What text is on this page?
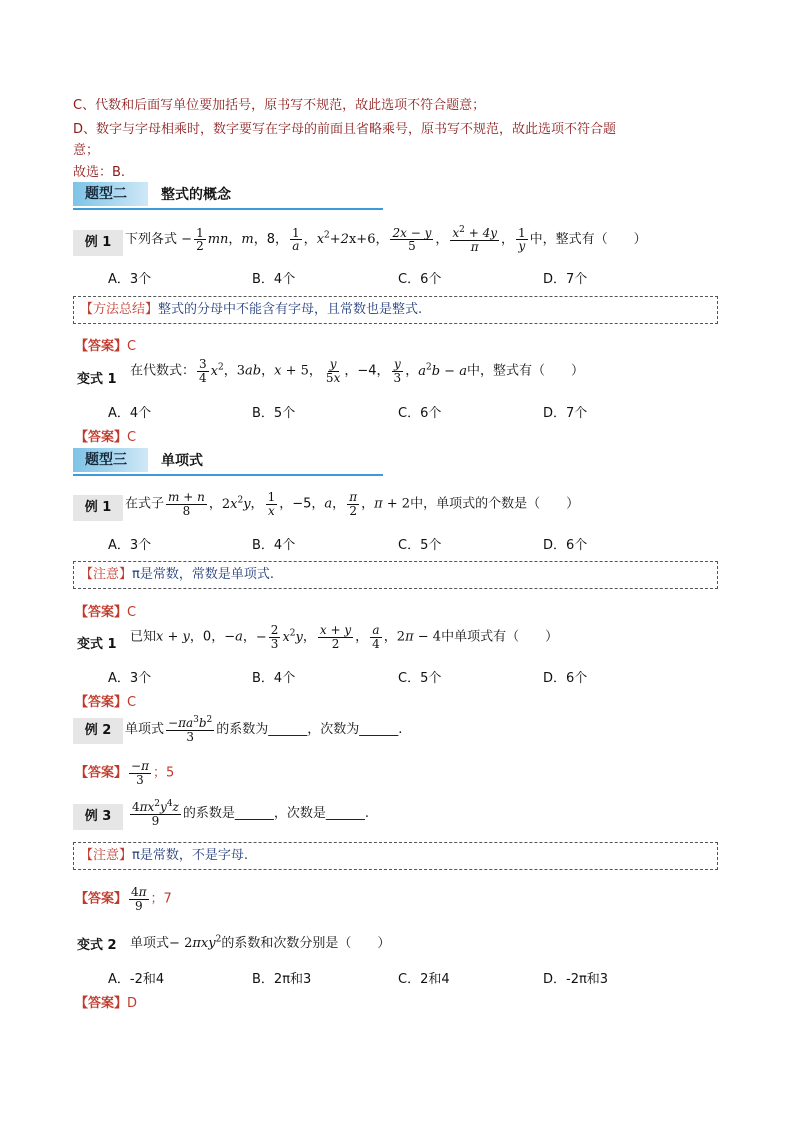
C、代数和后面写单位要加括号，原书写不规范，故此选项不符合题意；
D、数字与字母相乘时，数字要写在字母的前面且省略乘号，原书写不规范，故此选项不符合题
意；
故选：B.
题型二	整式的概念
例 1	下列各式 − $\frac{1}{2}$ mn，m，8， $\frac{1}{a}$ ，$x^2+2x+6$， $\frac{2x - y}{5}$ ， $\frac{x^2 + 4y}{\pi}$ ， $\frac{1}{y}$ 中，整式有（　　）
A．3个	B．4个	C．6个	D．7个
【方法总结】整式的分母中不能含有字母，且常数也是整式.
【答案】C
变式 1
在代数式： $\frac{3}{4} x^2$，3ab，x + 5， $\frac{y}{5x}$ ，−4， $\frac{y}{3}$ ，$a^2b - a$中，整式有（　　）
A．4个	B．5个	C．6个	D．7个
【答案】C
题型三	单项式
例 1	在式子 $\frac{m + n}{8}$ ，$2x^2y$， $\frac{1}{x}$ ，−5，a， $\frac{\pi}{2}$ ，π + 2中，单项式的个数是（　　）
A．3个	B．4个	C．5个	D．6个
【注意】π是常数，常数是单项式.
【答案】C
变式 1 已知x + y，0，−a，− $\frac{2}{3} x^2y$， $\frac{x + y}{2}$ ， $\frac{a}{4}$ ，2π − 4中单项式有（　　）
A．3个	B．4个	C．5个	D．6个
【答案】C
例 2	单项式 $\frac{-\pi a^3b^2}{3}$ 的系数为______，次数为______.
【答案】 $\frac{-\pi}{3}$ ；5
例 3	$\frac{4\pi x^2y^4z}{9}$ 的系数是______，次数是______.
【注意】π是常数，不是字母.
【答案】 $\frac{4\pi}{9}$ ；7
变式 2 单项式− 2πxy$^2$的系数和次数分别是（　　）
A．-2和4	B．2π和3	C．2和4	D．-2π和3
【答案】D
